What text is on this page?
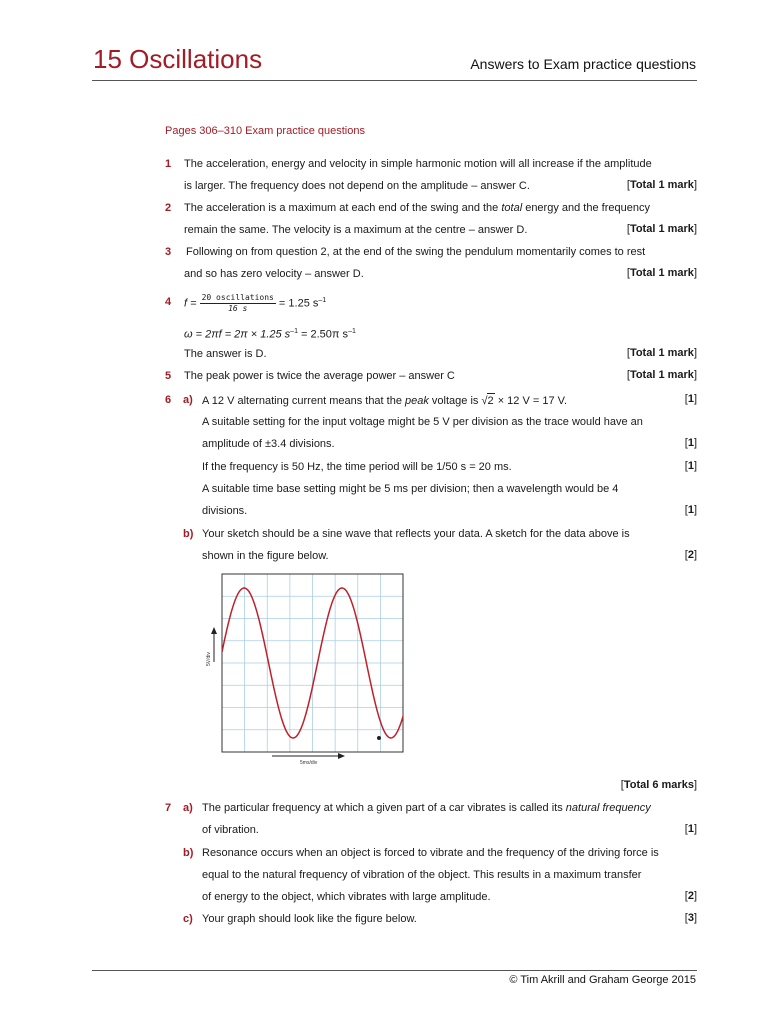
15 Oscillations	Answers to Exam practice questions
Pages 306–310 Exam practice questions
1 The acceleration, energy and velocity in simple harmonic motion will all increase if the amplitude
is larger. The frequency does not depend on the amplitude – answer C.	[Total 1 mark]
2 The acceleration is a maximum at each end of the swing and the total energy and the frequency
remain the same. The velocity is a maximum at the centre – answer D.	[Total 1 mark]
3 Following on from question 2, at the end of the swing the pendulum momentarily comes to rest
and so has zero velocity – answer D.	[Total 1 mark]
4 $f = \frac{\text{20 oscillations}}{16 s} = 1.25$ $s^{-1}$
ω = 2πf = 2π × 1.25 $s^{-1} = 2.50\pi$ $s^{-1}$
The answer is D.	[Total 1 mark]
5 The peak power is twice the average power – answer C	[Total 1 mark]
6 a) A 12 V alternating current means that the peak voltage is √2 × 12 V = 17 V.	[1]
A suitable setting for the input voltage might be 5 V per division as the trace would have an
amplitude of ±3.4 divisions.	[1]
If the frequency is 50 Hz, the time period will be 1/50 s = 20 ms.	[1]
A suitable time base setting might be 5 ms per division; then a wavelength would be 4
divisions.	[1]
b) Your sketch should be a sine wave that reflects your data. A sketch for the data above is
shown in the figure below.	[2]
5V/div
5ms/div
[Total 6 marks]
7 a) The particular frequency at which a given part of a car vibrates is called its natural frequency
of vibration.	[1]
b) Resonance occurs when an object is forced to vibrate and the frequency of the driving force is
equal to the natural frequency of vibration of the object. This results in a maximum transfer
of energy to the object, which vibrates with large amplitude.	[2]
c) Your graph should look like the figure below.	[3]
© Tim Akrill and Graham George 2015
